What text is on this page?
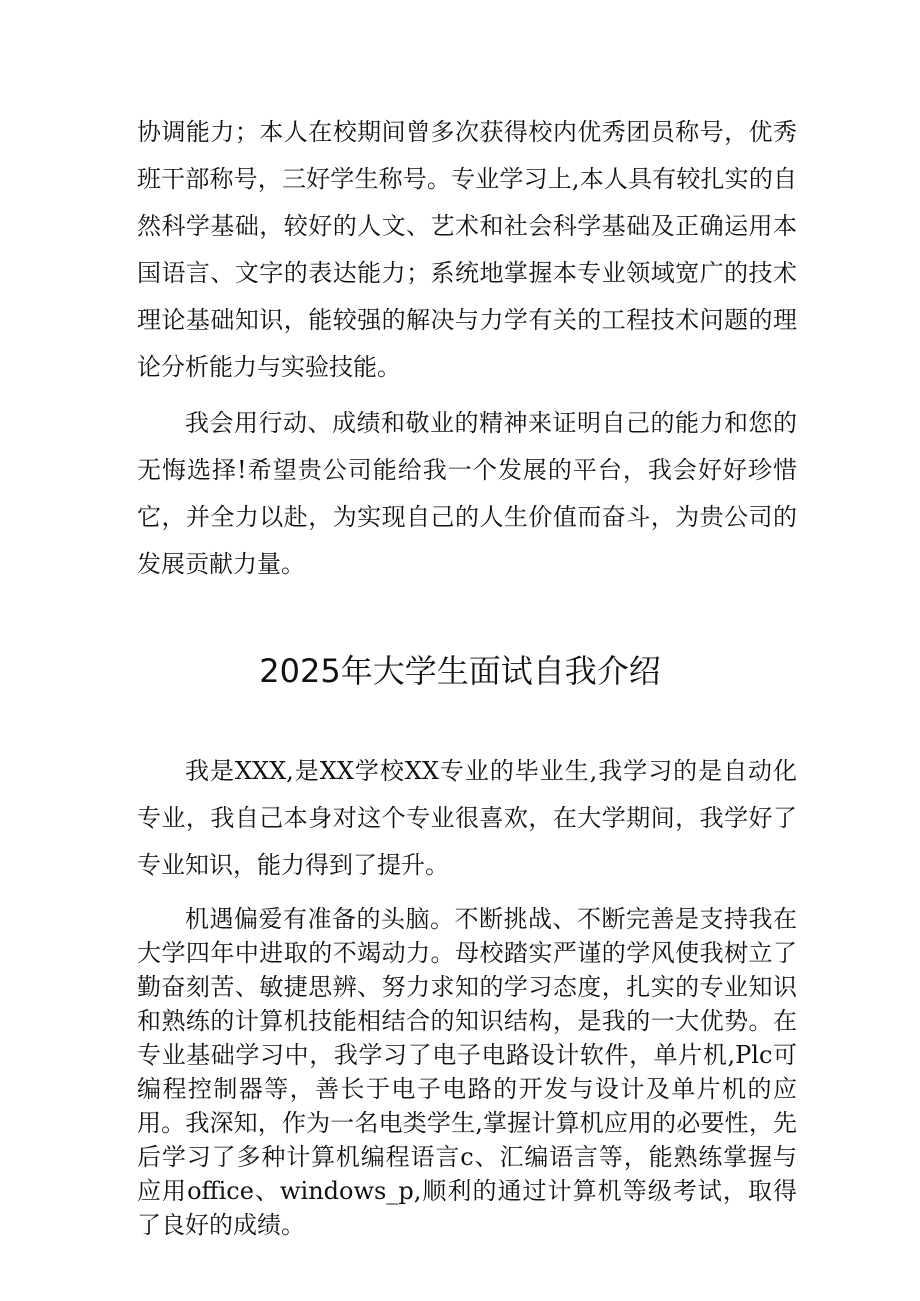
协调能力；本人在校期间曾多次获得校内优秀团员称号，优秀班干部称号，三好学生称号。专业学习上,本人具有较扎实的自然科学基础，较好的人文、艺术和社会科学基础及正确运用本国语言、文字的表达能力；系统地掌握本专业领域宽广的技术理论基础知识，能较强的解决与力学有关的工程技术问题的理论分析能力与实验技能。

我会用行动、成绩和敬业的精神来证明自己的能力和您的无悔选择!希望贵公司能给我一个发展的平台，我会好好珍惜它，并全力以赴，为实现自己的人生价值而奋斗，为贵公司的发展贡献力量。

2025年大学生面试自我介绍

我是XXX,是XX学校XX专业的毕业生,我学习的是自动化专业，我自己本身对这个专业很喜欢，在大学期间，我学好了专业知识，能力得到了提升。

机遇偏爱有准备的头脑。不断挑战、不断完善是支持我在大学四年中进取的不竭动力。母校踏实严谨的学风使我树立了勤奋刻苦、敏捷思辨、努力求知的学习态度，扎实的专业知识和熟练的计算机技能相结合的知识结构，是我的一大优势。在专业基础学习中，我学习了电子电路设计软件，单片机,Plc可编程控制器等，善长于电子电路的开发与设计及单片机的应用。我深知，作为一名电类学生,掌握计算机应用的必要性，先后学习了多种计算机编程语言c、汇编语言等，能熟练掌握与应用office、windows_p,顺利的通过计算机等级考试，取得了良好的成绩。
